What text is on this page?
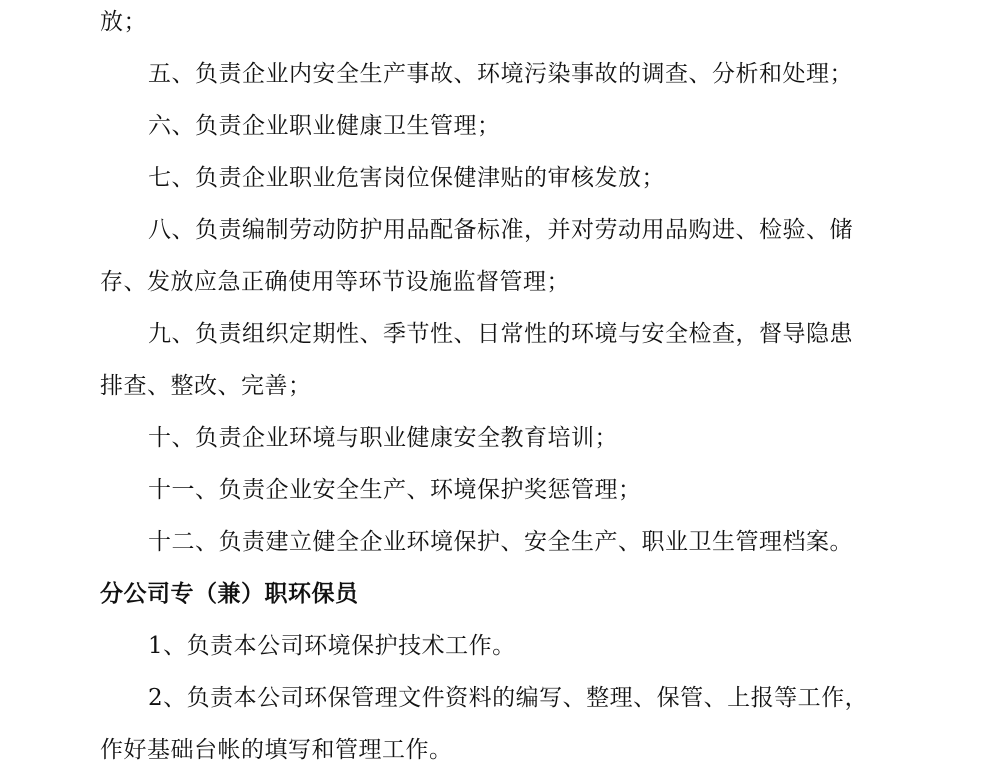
放；
五、负责企业内安全生产事故、环境污染事故的调查、分析和处理；
六、负责企业职业健康卫生管理；
七、负责企业职业危害岗位保健津贴的审核发放；
八、负责编制劳动防护用品配备标准，并对劳动用品购进、检验、储
存、发放应急正确使用等环节设施监督管理；
九、负责组织定期性、季节性、日常性的环境与安全检查，督导隐患
排查、整改、完善；
十、负责企业环境与职业健康安全教育培训；
十一、负责企业安全生产、环境保护奖惩管理；
十二、负责建立健全企业环境保护、安全生产、职业卫生管理档案。
分公司专（兼）职环保员
1、负责本公司环境保护技术工作。
2、负责本公司环保管理文件资料的编写、整理、保管、上报等工作，
作好基础台帐的填写和管理工作。
